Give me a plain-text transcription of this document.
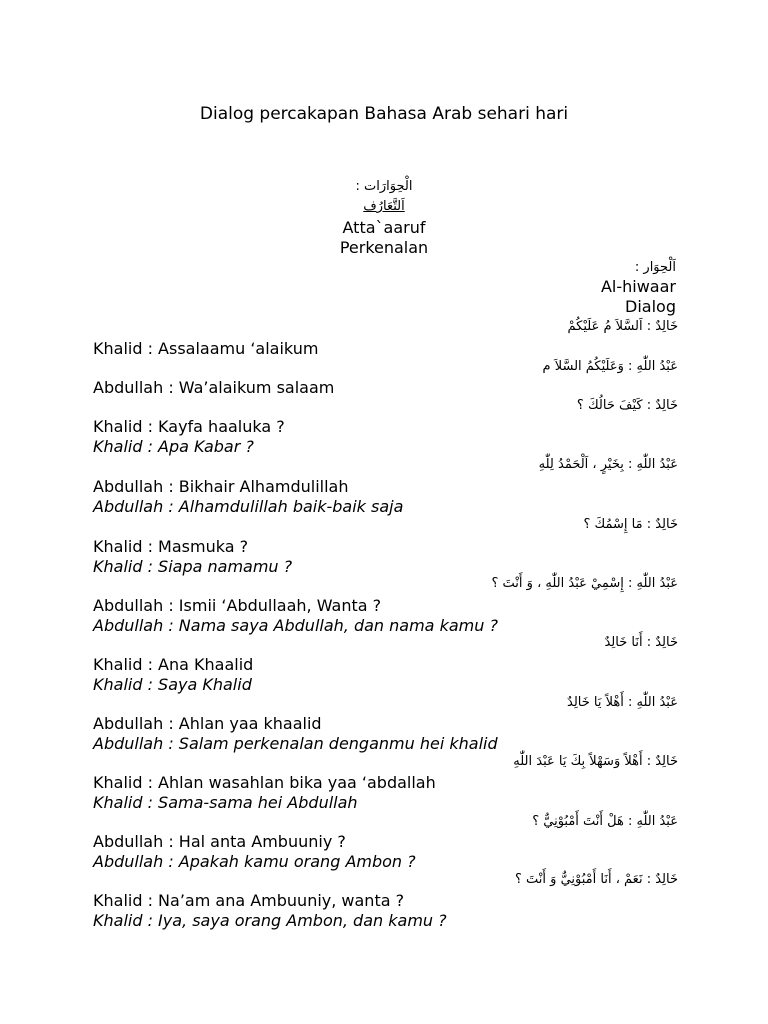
Dialog percakapan Bahasa Arab sehari hari
الْحِوَارَات :
اَلتَّعَارُف
Atta`aaruf
Perkenalan
اَلْحِوَار :
Al-hiwaar
Dialog
خَالِدٌ : اَلسَّلاَ مُ عَلَيْكُمْ
Khalid : Assalaamu ‘alaikum
عَبْدُ اللّٰهِ : وَعَلَيْكُمُ السَّلاَ م
Abdullah : Wa’alaikum salaam
خَالِدٌ : كَيْفَ حَالُكَ ؟
Khalid : Kayfa haaluka ?
Khalid : Apa Kabar ?
عَبْدُ اللّٰهِ : بِخَيْرٍ ، اَلْحَمْدُ لِلّٰهِ
Abdullah : Bikhair Alhamdulillah
Abdullah : Alhamdulillah baik-baik saja
خَالِدٌ : مَا إِسْمُكَ ؟
Khalid : Masmuka ?
Khalid : Siapa namamu ?
عَبْدُ اللّٰهِ : إِسْمِيْ عَبْدُ اللّٰهِ ، وَ أَنْتَ ؟
Abdullah : Ismii ‘Abdullaah, Wanta ?
Abdullah : Nama saya Abdullah, dan nama kamu ?
خَالِدٌ : أَنَا خَالِدٌ
Khalid : Ana Khaalid
Khalid : Saya Khalid
عَبْدُ اللّٰهِ : أَهْلاً يَا خَالِدٌ
Abdullah : Ahlan yaa khaalid
Abdullah : Salam perkenalan denganmu hei khalid
خَالِدٌ : أَهْلاً وَسَهْلاً بِكَ يَا عَبْدَ اللّٰهِ
Khalid : Ahlan wasahlan bika yaa ‘abdallah
Khalid : Sama-sama hei Abdullah
عَبْدُ اللّٰهِ : هَلْ أَنْتَ أَمْبُوْنِيٌّ ؟
Abdullah : Hal anta Ambuuniy ?
Abdullah : Apakah kamu orang Ambon ?
خَالِدٌ : نَعَمْ ، أَنَا أَمْبُوْنِيٌّ وَ أَنْتَ ؟
Khalid : Na’am ana Ambuuniy, wanta ?
Khalid : Iya, saya orang Ambon, dan kamu ?
